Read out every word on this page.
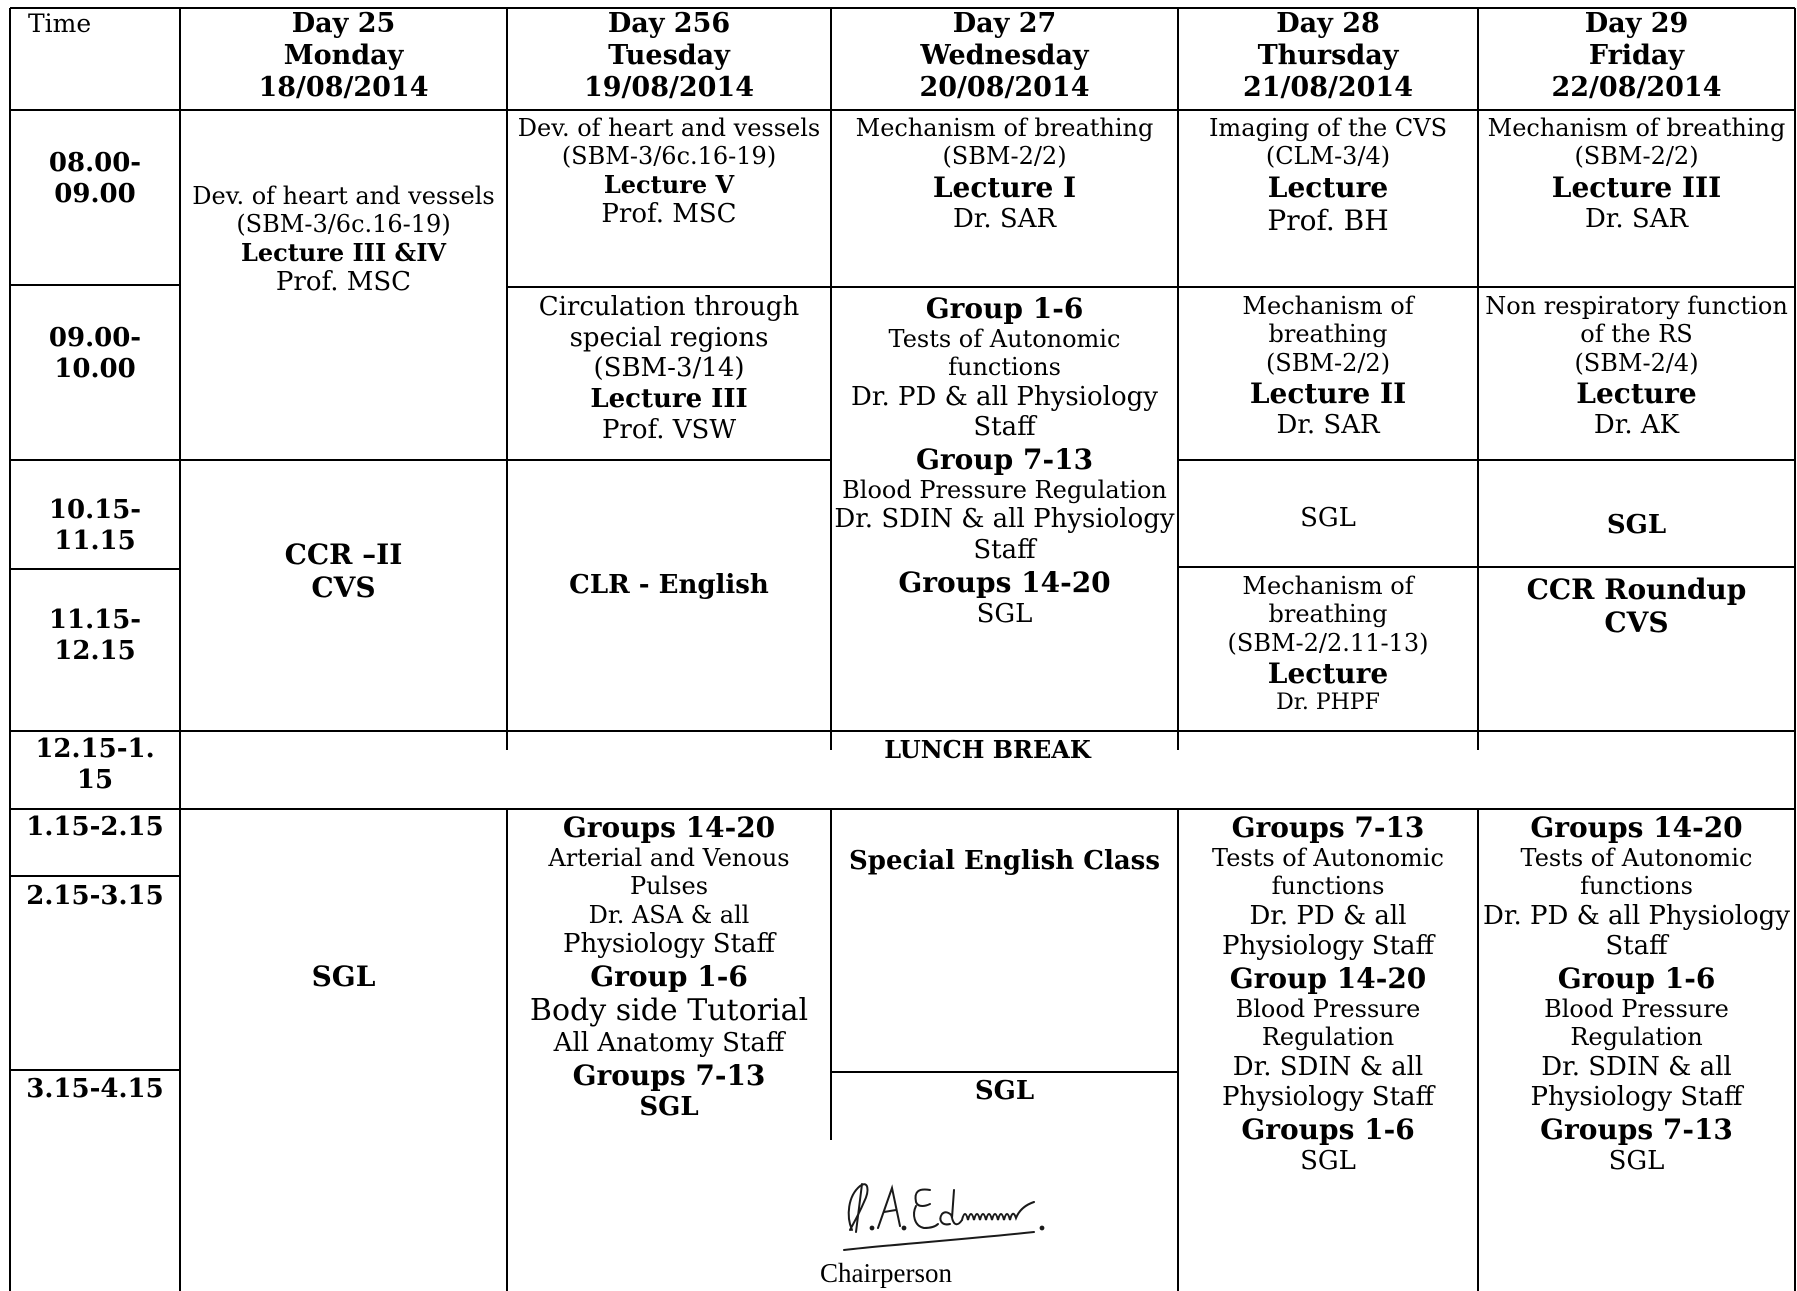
Time	Day 25
Monday
18/08/2014
Day 256
Tuesday
19/08/2014
Day 27
Wednesday
20/08/2014
Day 28
Thursday
21/08/2014
Day 29
Friday
22/08/2014
08.00-
09.00
09.00-
10.00
10.15-
11.15
11.15-
12.15
12.15-1.
15
1.15-2.15
2.15-3.15
3.15-4.15
Dev. of heart and vessels
(SBM-3/6c.16-19)
Lecture III &IV
Prof. MSC
CCR –II
CVS
SGL
Dev. of heart and vessels
(SBM-3/6c.16-19)
Lecture V
Prof. MSC
Circulation through
special regions
(SBM-3/14)
Lecture III
Prof. VSW
CLR - English
Groups 14-20
Arterial and Venous
Pulses
Dr. ASA & all
Physiology Staff
Group 1-6
Body side Tutorial
All Anatomy Staff
Groups 7-13
SGL
Mechanism of breathing
(SBM-2/2)
Lecture I
Dr. SAR
Group 1-6
Tests of Autonomic
functions
Dr. PD & all Physiology
Staff
Group 7-13
Blood Pressure Regulation
Dr. SDIN & all Physiology
Staff
Groups 14-20
SGL
Special English Class
SGL
Imaging of the CVS
(CLM-3/4)
Lecture
Prof. BH
Mechanism of
breathing
(SBM-2/2)
Lecture II
Dr. SAR
SGL
Mechanism of
breathing
(SBM-2/2.11-13)
Lecture
Dr. PHPF
Groups 7-13
Tests of Autonomic
functions
Dr. PD & all
Physiology Staff
Group 14-20
Blood Pressure
Regulation
Dr. SDIN & all
Physiology Staff
Groups 1-6
SGL
Mechanism of breathing
(SBM-2/2)
Lecture III
Dr. SAR
Non respiratory function
of the RS
(SBM-2/4)
Lecture
Dr. AK
SGL
CCR Roundup
CVS
Groups 14-20
Tests of Autonomic
functions
Dr. PD & all Physiology
Staff
Group 1-6
Blood Pressure
Regulation
Dr. SDIN & all
Physiology Staff
Groups 7-13
SGL
LUNCH BREAK
Chairperson
